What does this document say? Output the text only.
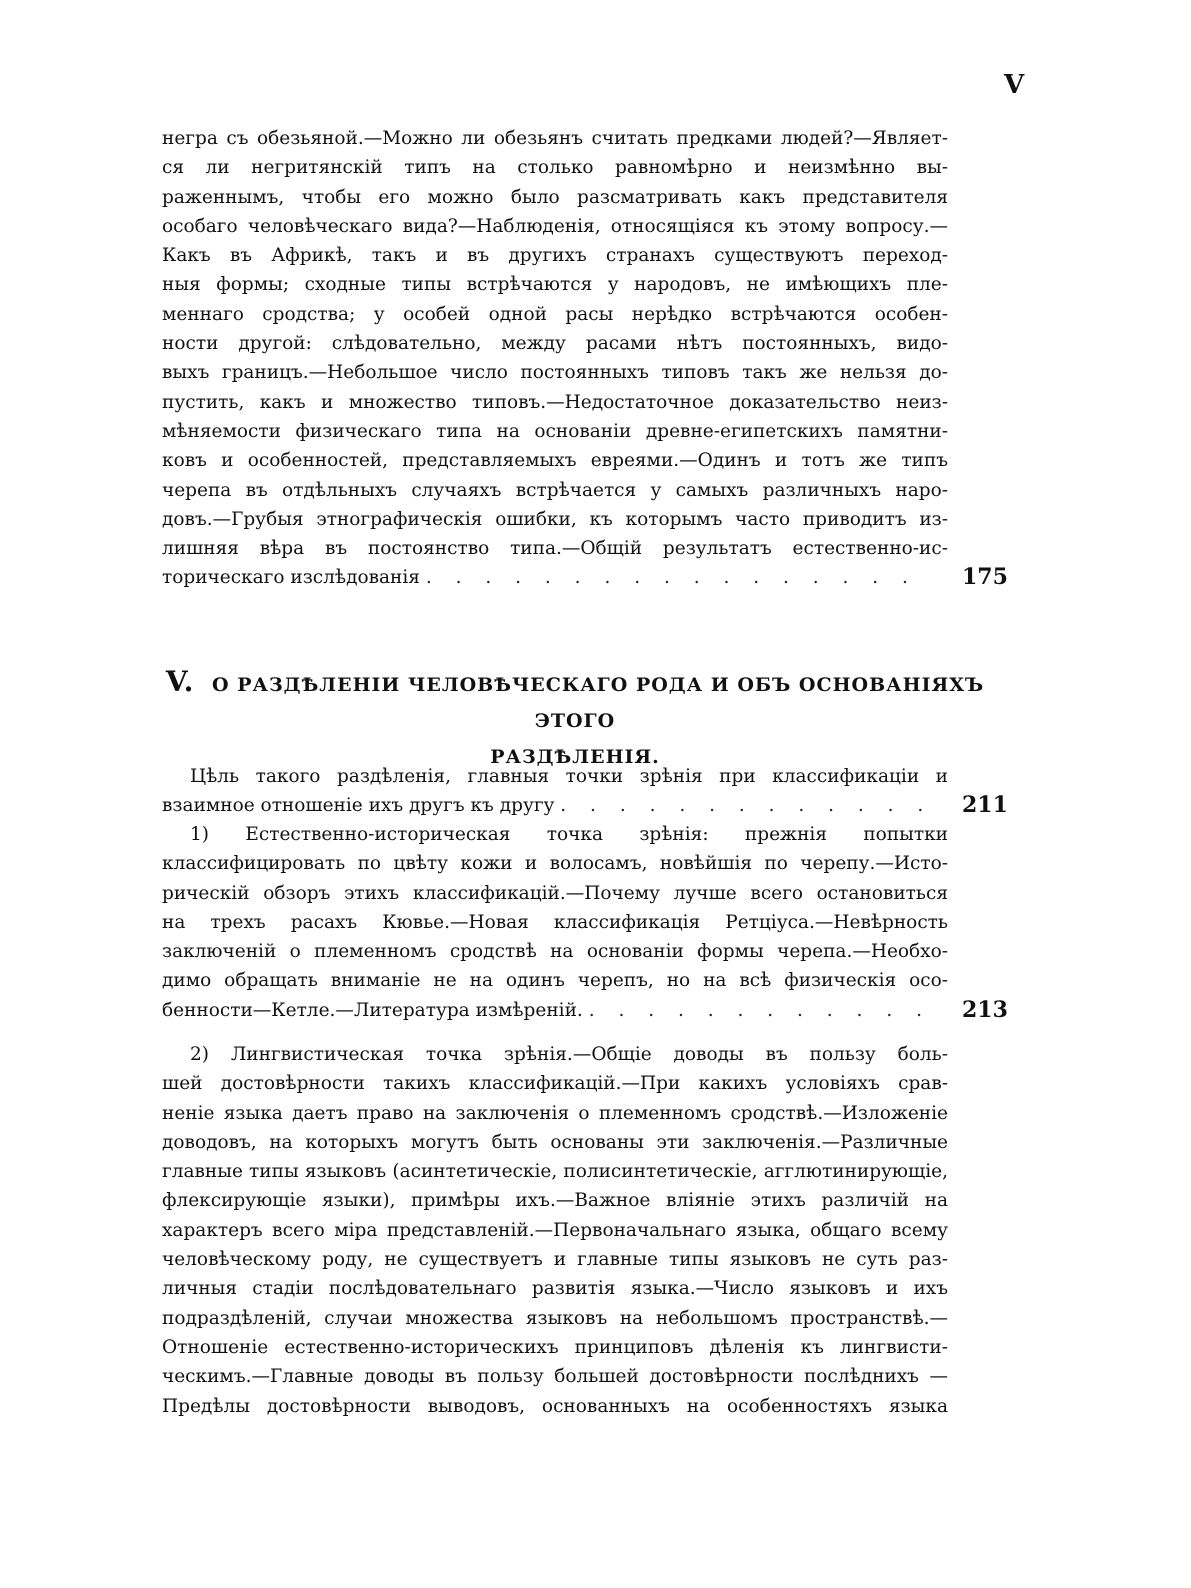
V
негра съ обезьяной.—Можно ли обезьянъ считать предками людей?—Являет-
ся ли негритянскій типъ на столько равномѣрно и неизмѣнно вы-
раженнымъ, чтобы его можно было разсматривать какъ представителя
особаго человѣческаго вида?—Наблюденія, относящіяся къ этому вопросу.—
Какъ въ Африкѣ, такъ и въ другихъ странахъ существуютъ переход-
ныя формы; сходные типы встрѣчаются у народовъ, не имѣющихъ пле-
меннаго сродства; у особей одной расы нерѣдко встрѣчаются особен-
ности другой: слѣдовательно, между расами нѣтъ постоянныхъ, видо-
выхъ границъ.—Небольшое число постоянныхъ типовъ такъ же нельзя до-
пустить, какъ и множество типовъ.—Недостаточное доказательство неиз-
мѣняемости физическаго типа на основаніи древне-египетскихъ памятни-
ковъ и особенностей, представляемыхъ евреями.—Одинъ и тотъ же типъ
черепа въ отдѣльныхъ случаяхъ встрѣчается у самыхъ различныхъ наро-
довъ.—Грубыя этнографическія ошибки, къ которымъ часто приводитъ из-
лишняя вѣра въ постоянство типа.—Общій результатъ естественно-ис-
торическаго изслѣдованія . . . . . . . . . . . . . . . . . 175
V. О РАЗДѢЛЕНІИ ЧЕЛОВѢЧЕСКАГО РОДА И ОБЪ ОСНОВАНІЯХЪ ЭТОГО
РАЗДѢЛЕНІЯ.
Цѣль такого раздѣленія, главныя точки зрѣнія при классификаціи и
взаимное отношеніе ихъ другъ къ другу . . . . . . . . . . . . . 211
1) Естественно-историческая точка зрѣнія: прежнія попытки
классифицировать по цвѣту кожи и волосамъ, новѣйшія по черепу.—Исто-
рическій обзоръ этихъ классификацій.—Почему лучше всего остановиться
на трехъ расахъ Кювье.—Новая классификація Ретціуса.—Невѣрность
заключеній о племенномъ сродствѣ на основаніи формы черепа.—Необхо-
димо обращать вниманіе не на одинъ черепъ, но на всѣ физическія осо-
бенности—Кетле.—Литература измѣреній. . . . . . . . . . . . . 213
2) Лингвистическая точка зрѣнія.—Общіе доводы въ пользу боль-
шей достовѣрности такихъ классификацій.—При какихъ условіяхъ срав-
неніе языка даетъ право на заключенія о племенномъ сродствѣ.—Изложеніе
доводовъ, на которыхъ могутъ быть основаны эти заключенія.—Различные
главные типы языковъ (асинтетическіе, полисинтетическіе, агглютинирующіе,
флексирующіе языки), примѣры ихъ.—Важное вліяніе этихъ различій на
характеръ всего міра представленій.—Первоначальнаго языка, общаго всему
человѣческому роду, не существуетъ и главные типы языковъ не суть раз-
личныя стадіи послѣдовательнаго развитія языка.—Число языковъ и ихъ
подраздѣленій, случаи множества языковъ на небольшомъ пространствѣ.—
Отношеніе естественно-историческихъ принциповъ дѣленія къ лингвисти-
ческимъ.—Главные доводы въ пользу большей достовѣрности послѣднихъ —
Предѣлы достовѣрности выводовъ, основанныхъ на особенностяхъ языка
